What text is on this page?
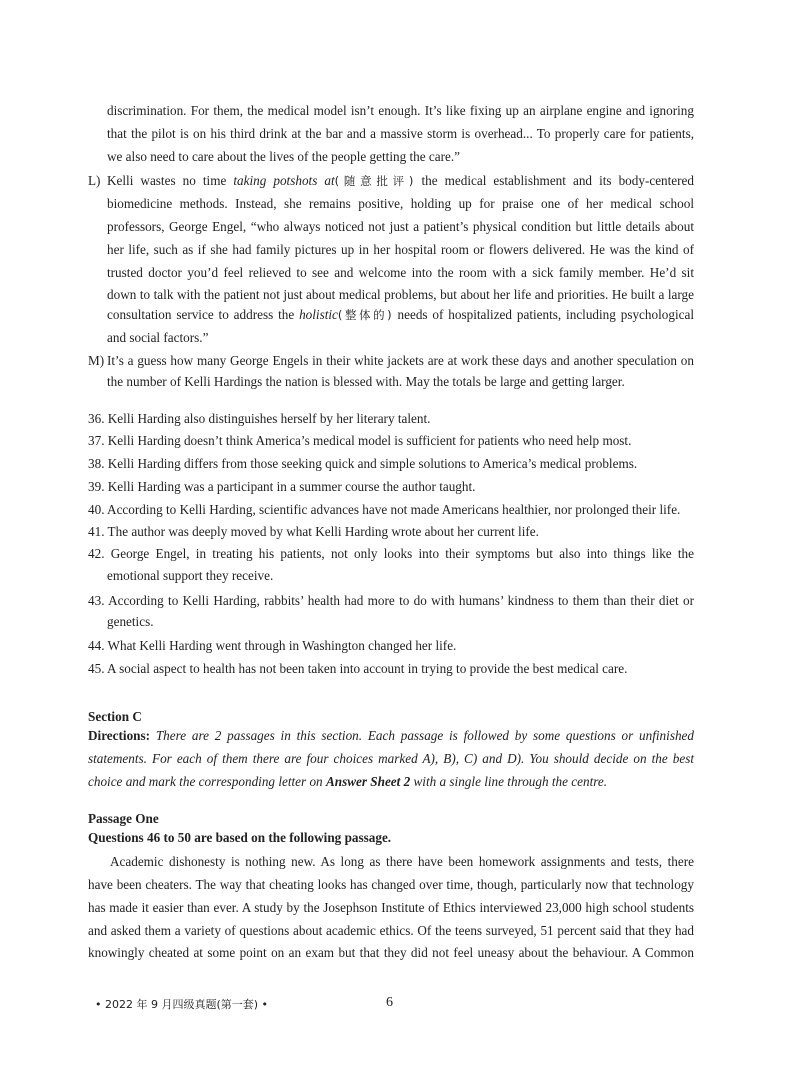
discrimination. For them, the medical model isn’t enough. It’s like fixing up an airplane engine and ignoring
that the pilot is on his third drink at the bar and a massive storm is overhead... To properly care for patients,
we also need to care about the lives of the people getting the care.”
L) Kelli wastes no time taking potshots at(随意批评) the medical establishment and its body-centered
biomedicine methods. Instead, she remains positive, holding up for praise one of her medical school
professors, George Engel, “who always noticed not just a patient’s physical condition but little details about
her life, such as if she had family pictures up in her hospital room or flowers delivered. He was the kind of
trusted doctor you’d feel relieved to see and welcome into the room with a sick family member. He’d sit
down to talk with the patient not just about medical problems, but about her life and priorities. He built a large
consultation service to address the holistic(整体的) needs of hospitalized patients, including psychological
and social factors.”
M) It’s a guess how many George Engels in their white jackets are at work these days and another speculation on
the number of Kelli Hardings the nation is blessed with. May the totals be large and getting larger.
36. Kelli Harding also distinguishes herself by her literary talent.
37. Kelli Harding doesn’t think America’s medical model is sufficient for patients who need help most.
38. Kelli Harding differs from those seeking quick and simple solutions to America’s medical problems.
39. Kelli Harding was a participant in a summer course the author taught.
40. According to Kelli Harding, scientific advances have not made Americans healthier, nor prolonged their life.
41. The author was deeply moved by what Kelli Harding wrote about her current life.
42. George Engel, in treating his patients, not only looks into their symptoms but also into things like the
emotional support they receive.
43. According to Kelli Harding, rabbits’ health had more to do with humans’ kindness to them than their diet or
genetics.
44. What Kelli Harding went through in Washington changed her life.
45. A social aspect to health has not been taken into account in trying to provide the best medical care.
Section C
Directions: There are 2 passages in this section. Each passage is followed by some questions or unfinished
statements. For each of them there are four choices marked A), B), C) and D). You should decide on the best
choice and mark the corresponding letter on Answer Sheet 2 with a single line through the centre.
Passage One
Questions 46 to 50 are based on the following passage.
Academic dishonesty is nothing new. As long as there have been homework assignments and tests, there
have been cheaters. The way that cheating looks has changed over time, though, particularly now that technology
has made it easier than ever. A study by the Josephson Institute of Ethics interviewed 23,000 high school students
and asked them a variety of questions about academic ethics. Of the teens surveyed, 51 percent said that they had
knowingly cheated at some point on an exam but that they did not feel uneasy about the behaviour. A Common
• 2022 年 9 月四级真题(第一套) •	6
